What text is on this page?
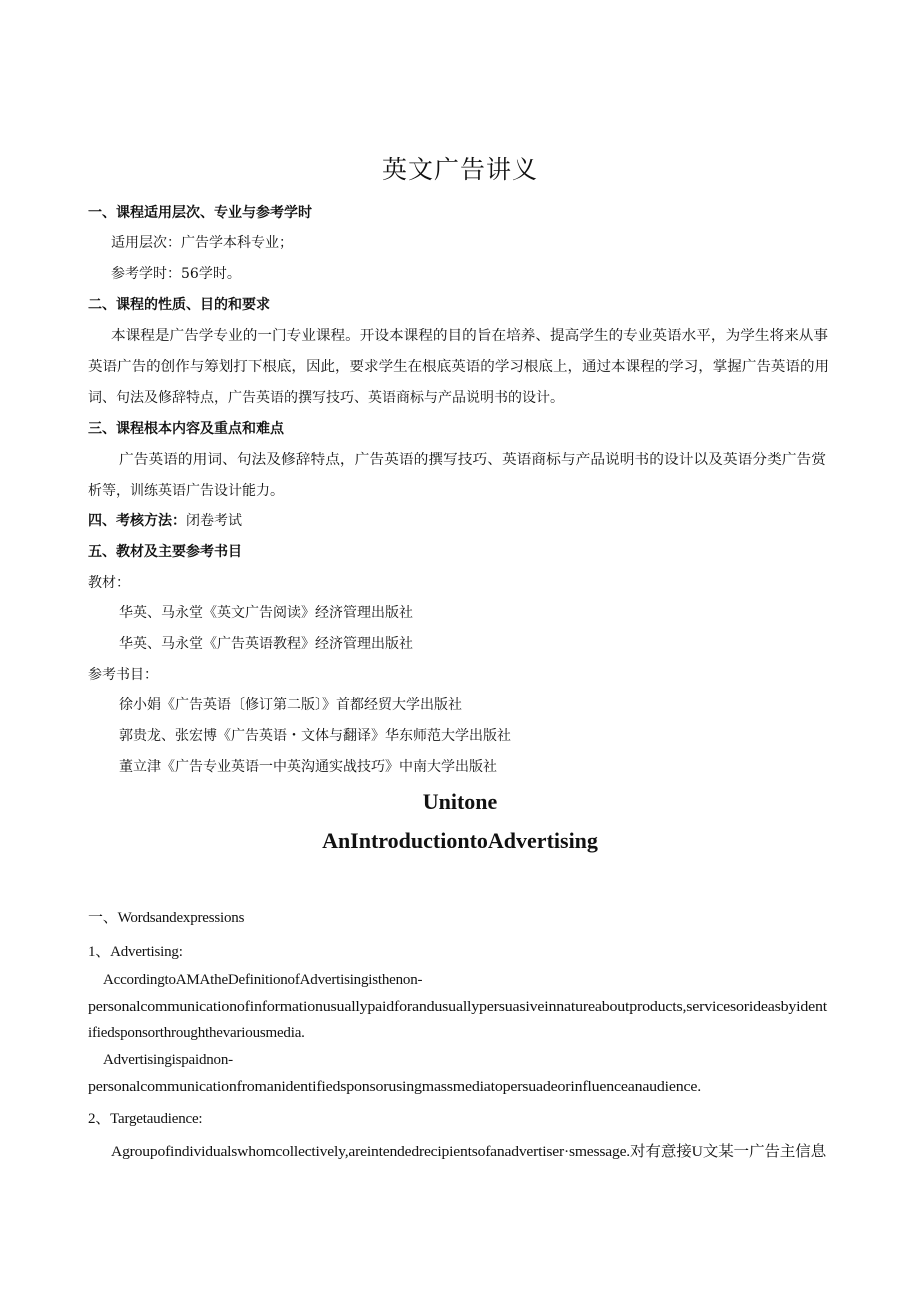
英文广告讲义
一、课程适用层次、专业与参考学时
适用层次：广告学本科专业；
参考学时：56学时。
二、课程的性质、目的和要求
本课程是广告学专业的一门专业课程。开设本课程的目的旨在培养、提高学生的专业英语水平，为学生将来从事
英语广告的创作与筹划打下根底，因此，要求学生在根底英语的学习根底上，通过本课程的学习，掌握广告英语的用
词、句法及修辞特点，广告英语的撰写技巧、英语商标与产品说明书的设计。
三、课程根本内容及重点和难点
广告英语的用词、句法及修辞特点，广告英语的撰写技巧、英语商标与产品说明书的设计以及英语分类广告赏
析等，训练英语广告设计能力。
四、考核方法：闭卷考试
五、教材及主要参考书目
教材：
华英、马永堂《英文广告阅读》经济管理出版社
华英、马永堂《广告英语教程》经济管理出版社
参考书目：
徐小娟《广告英语〔修订第二版〕》首都经贸大学出版社
郭贵龙、张宏博《广告英语・文体与翻译》华东师范大学出版社
董立津《广告专业英语一中英沟通实战技巧》中南大学出版社
Unitone
AnIntroductiontoAdvertising
一、Wordsandexpressions
1、Advertising:
AccordingtoAMAtheDefinitionofAdvertisingisthenon-
personalcommunicationofinformationusuallypaidforandusuallypersuasiveinnatureaboutproducts,servicesorideasbyident
ifiedsponsorthroughthevariousmedia.
Advertisingispaidnon-
personalcommunicationfromanidentifiedsponsorusingmassmediatopersuadeorinfluenceanaudience.
2、Targetaudience:
Agroupofindividualswhomcollectively,areintendedrecipientsofanadvertiser·smessage.对有意接U文某一广告主信息
